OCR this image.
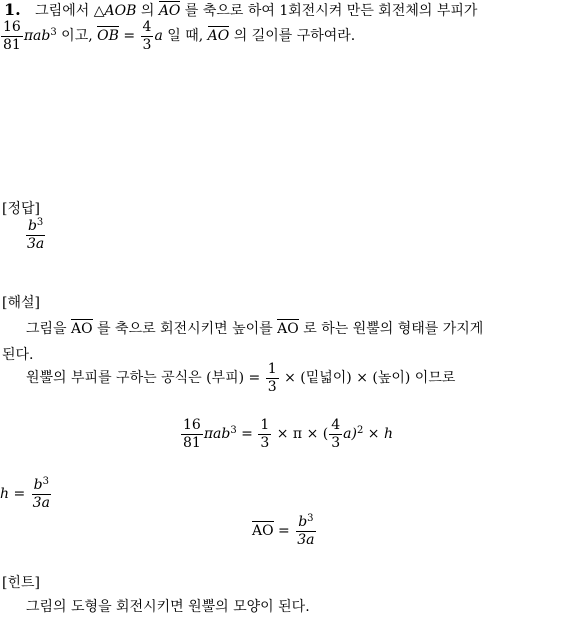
1. 그림에서 △AOB 의 AO 를 축으로 하여 1회전시켜 만든 회전체의 부피가
$\frac{16}{81} \pi ab^3$ 이고, OB = $\frac{4}{3}$ a 일 때, AO 의 길이를 구하여라.
[정답]
$\frac{b^3}{3a}$
[해설]
그림을 AO 를 축으로 회전시키면 높이를 AO 로 하는 원뿔의 형태를 가지게
된다.
원뿔의 부피를 구하는 공식은 (부피) = $\frac{1}{3}$ × (밑넓이) × (높이) 이므로
$\frac{16}{81} \pi ab^3 = \frac{1}{3} \times \pi$ × ( $\frac{4}{3} a)^2 \times h$
$h = \frac{b^3}{3a}$
AO = $\frac{b^3}{3a}$
[힌트]
그림의 도형을 회전시키면 원뿔의 모양이 된다.
